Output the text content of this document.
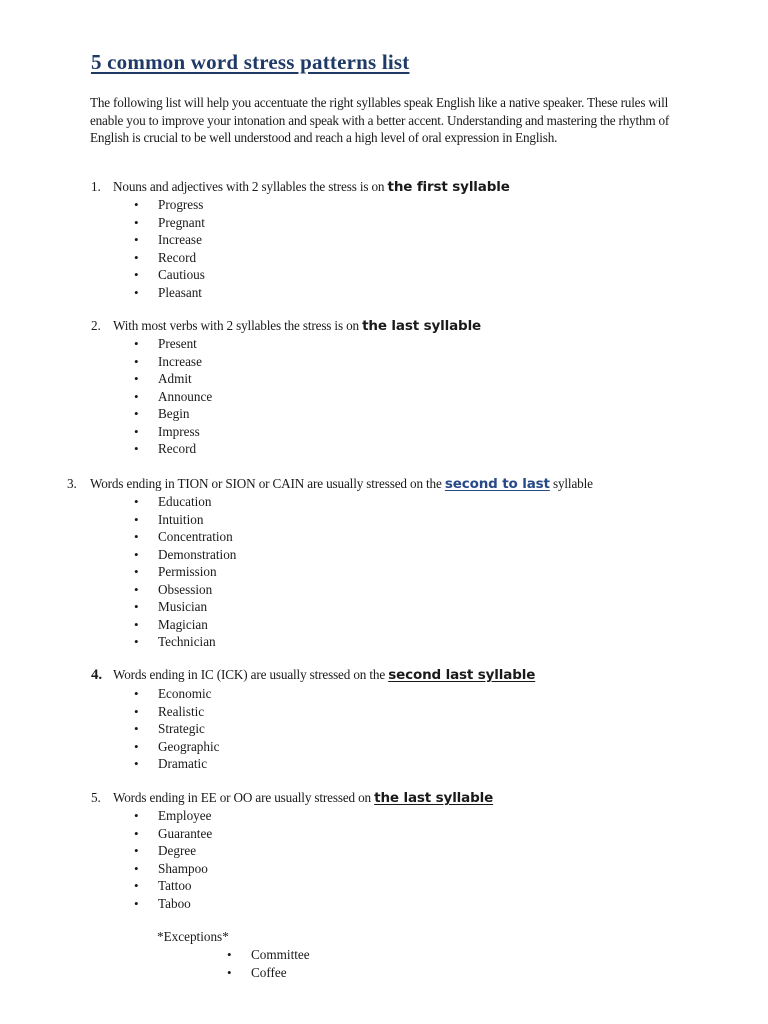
5 common word stress patterns list

The following list will help you accentuate the right syllables speak English like a native speaker. These rules will enable you to improve your intonation and speak with a better accent. Understanding and mastering the rhythm of English is crucial to be well understood and reach a high level of oral expression in English.

1. Nouns and adjectives with 2 syllables the stress is on the first syllable

• Progress
• Pregnant
• Increase
• Record
• Cautious
• Pleasant

2. With most verbs with 2 syllables the stress is on the last syllable

• Present
• Increase
• Admit
• Announce
• Begin
• Impress
• Record

3. Words ending in TION or SION or CAIN are usually stressed on the second to last syllable

• Education
• Intuition
• Concentration
• Demonstration
• Permission
• Obsession
• Musician
• Magician
• Technician

4. Words ending in IC (ICK) are usually stressed on the second last syllable

• Economic
• Realistic
• Strategic
• Geographic
• Dramatic

5. Words ending in EE or OO are usually stressed on the last syllable

• Employee
• Guarantee
• Degree
• Shampoo
• Tattoo
• Taboo

*Exceptions*

• Committee
• Coffee
